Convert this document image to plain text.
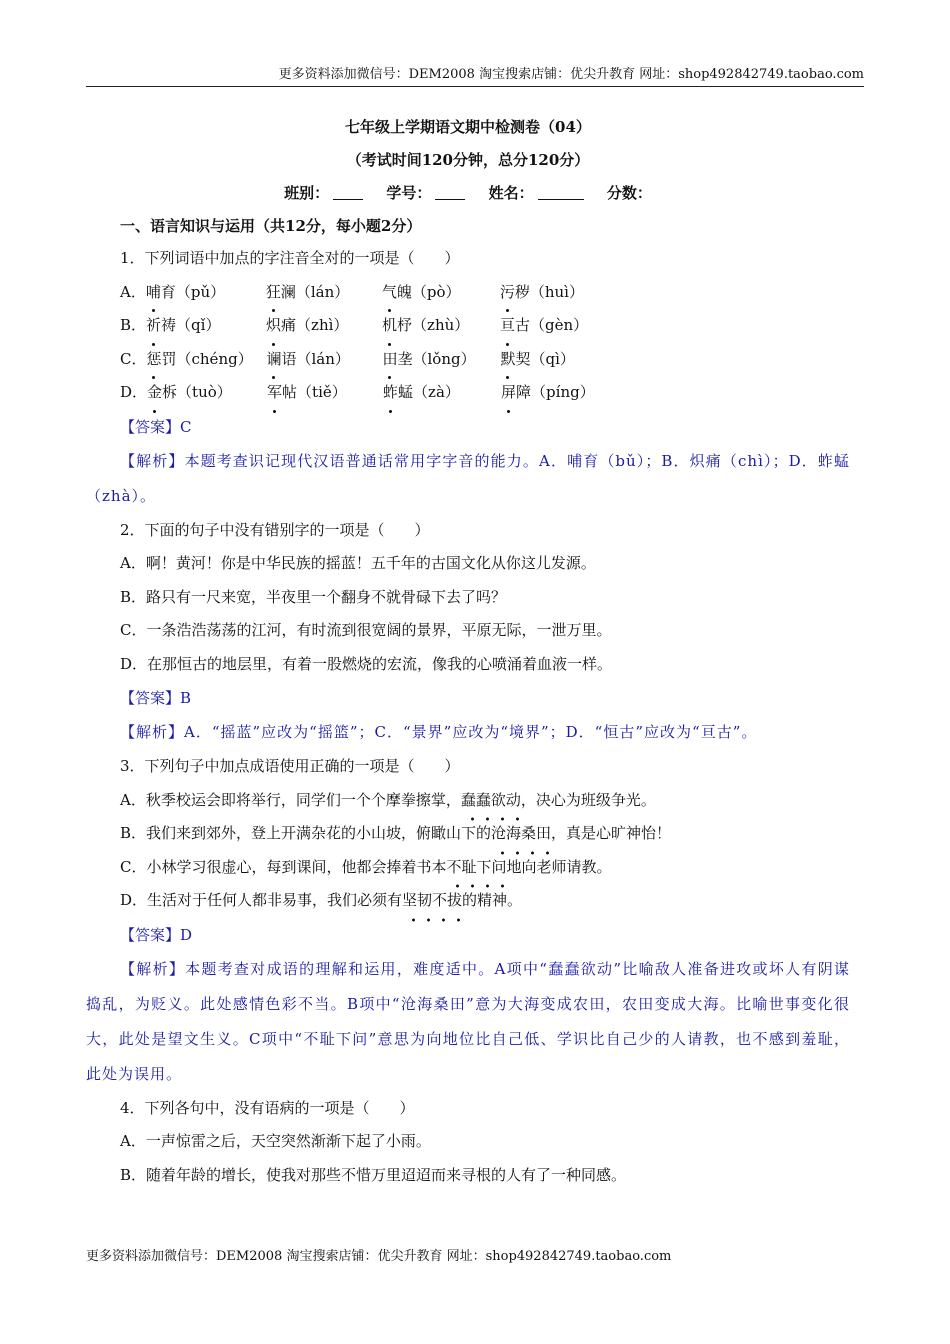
更多资料添加微信号：DEM2008 淘宝搜索店铺：优尖升教育 网址：shop492842749.taobao.com
七年级上学期语文期中检测卷（04）
（考试时间120分钟，总分120分）
班别：	学号：	姓名：	分数：
一、语言知识与运用（共12分，每小题2分）
1．下列词语中加点的字注音全对的一项是（　　）
A．哺育（pǔ）	狂澜（lán） 气魄（pò）	污秽（huì）
B．祈祷（qǐ）	炽痛（zhì） 机杼（zhù） 亘古（gèn）
C．惩罚（chéng） 谰语（lán） 田垄（lǒng） 默契（qì）
D．金柝（tuò） 军帖（tiě） 蚱蜢（zà）	屏障（píng）
【答案】C

【解析】本题考查识记现代汉语普通话常用字字音的能力。A．哺育（bǔ）；B．炽痛（chì）；D．蚱蜢（zhà）。

2．下面的句子中没有错别字的一项是（　　）
A．啊！黄河！你是中华民族的摇蓝！五千年的古国文化从你这儿发源。
B．路只有一尺来宽，半夜里一个翻身不就骨碌下去了吗？
C．一条浩浩荡荡的江河，有时流到很宽阔的景界，平原无际，一泄万里。
D．在那恒古的地层里，有着一股燃烧的宏流，像我的心喷涌着血液一样。
【答案】B

【解析】A．“摇蓝”应改为“摇篮”；C．“景界”应改为“境界”；D．“恒古”应改为“亘古”。

3．下列句子中加点成语使用正确的一项是（　　）
A．秋季校运会即将举行，同学们一个个摩拳擦掌，蠢蠢欲动，决心为班级争光。
B．我们来到郊外，登上开满杂花的小山坡，俯瞰山下的沧海桑田，真是心旷神怡！
C．小林学习很虚心，每到课间，他都会捧着书本不耻下问地向老师请教。
D．生活对于任何人都非易事，我们必须有坚韧不拔的精神。
【答案】D

【解析】本题考查对成语的理解和运用，难度适中。A项中“蠢蠢欲动”比喻敌人准备进攻或坏人有阴谋捣乱，为贬义。此处感情色彩不当。B项中“沧海桑田”意为大海变成农田，农田变成大海。比喻世事变化很大，此处是望文生义。C项中“不耻下问”意思为向地位比自己低、学识比自己少的人请教，也不感到羞耻，此处为误用。

4．下列各句中，没有语病的一项是（　　）
A．一声惊雷之后，天空突然渐渐下起了小雨。
B．随着年龄的增长，使我对那些不惜万里迢迢而来寻根的人有了一种同感。
更多资料添加微信号：DEM2008 淘宝搜索店铺：优尖升教育 网址：shop492842749.taobao.com
